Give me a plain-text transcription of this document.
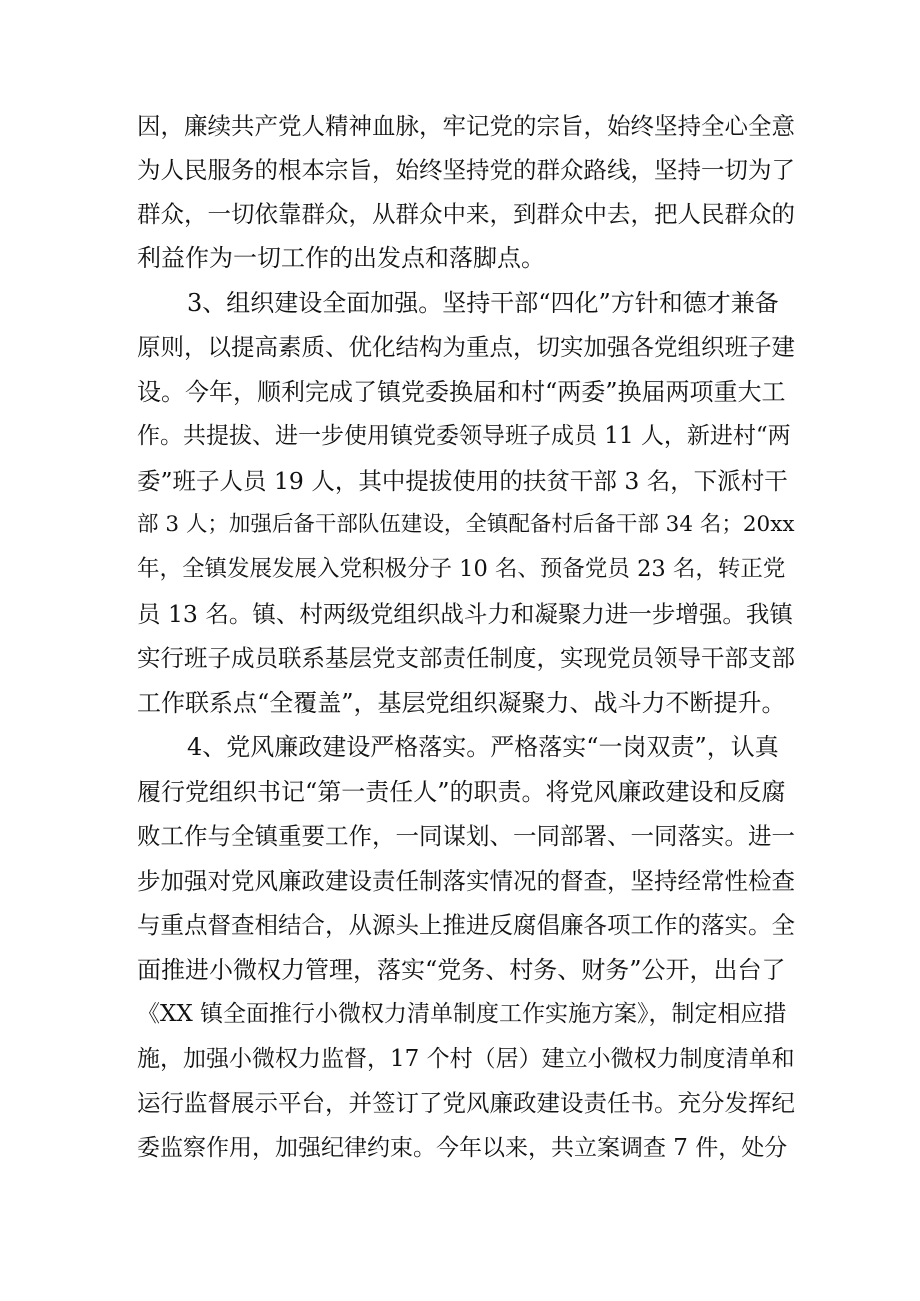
因，廉续共产党人精神血脉，牢记党的宗旨，始终坚持全心全意
为人民服务的根本宗旨，始终坚持党的群众路线，坚持一切为了
群众，一切依靠群众，从群众中来，到群众中去，把人民群众的
利益作为一切工作的出发点和落脚点。
3、组织建设全面加强。坚持干部“四化”方针和德才兼备
原则，以提高素质、优化结构为重点，切实加强各党组织班子建
设。今年，顺利完成了镇党委换届和村“两委”换届两项重大工
作。共提拔、进一步使用镇党委领导班子成员 11 人，新进村“两
委”班子人员 19 人，其中提拔使用的扶贫干部 3 名，下派村干
部 3 人；加强后备干部队伍建设，全镇配备村后备干部 34 名；20xx
年，全镇发展发展入党积极分子 10 名、预备党员 23 名，转正党
员 13 名。镇、村两级党组织战斗力和凝聚力进一步增强。我镇
实行班子成员联系基层党支部责任制度，实现党员领导干部支部
工作联系点“全覆盖”，基层党组织凝聚力、战斗力不断提升。
4、党风廉政建设严格落实。严格落实“一岗双责”，认真
履行党组织书记“第一责任人”的职责。将党风廉政建设和反腐
败工作与全镇重要工作，一同谋划、一同部署、一同落实。进一
步加强对党风廉政建设责任制落实情况的督查，坚持经常性检查
与重点督查相结合，从源头上推进反腐倡廉各项工作的落实。全
面推进小微权力管理，落实“党务、村务、财务”公开，出台了
《XX 镇全面推行小微权力清单制度工作实施方案》，制定相应措
施，加强小微权力监督，17 个村（居）建立小微权力制度清单和
运行监督展示平台，并签订了党风廉政建设责任书。充分发挥纪
委监察作用，加强纪律约束。今年以来，共立案调查 7 件，处分
